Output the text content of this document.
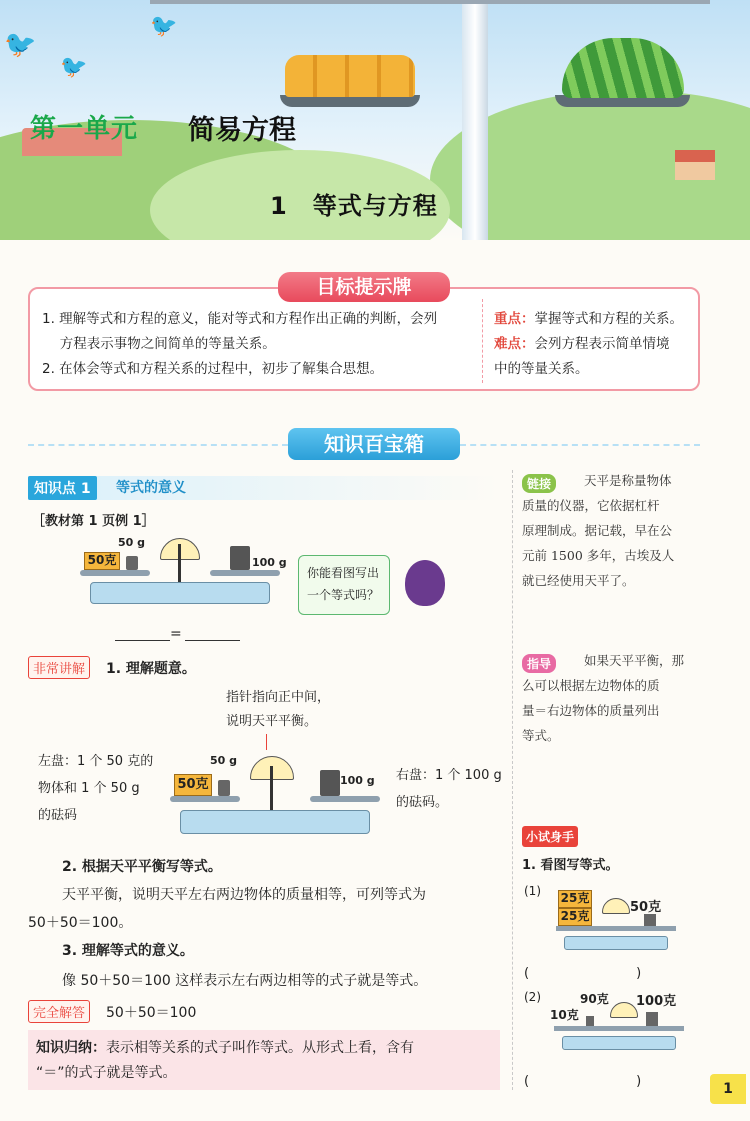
🐦
🐦
🐦
第一单元 简易方程
1　等式与方程
目标提示牌
1. 理解等式和方程的意义，能对等式和方程作出正确的判断，会列
　 方程表示事物之间简单的等量关系。
2. 在体会等式和方程关系的过程中，初步了解集合思想。
重点：掌握等式和方程的关系。
难点：会列方程表示简单情境
中的等量关系。
知识百宝箱
知识点 1	等式的意义
［教材第 1 页例 1］
50克
50 g
100 g
=
你能看图写出一个等式吗？
非常讲解	1. 理解题意。
指针指向正中间，
说明天平平衡。
左盘：1 个 50 克的
物体和 1 个 50 g
的砝码
右盘：1 个 100 g
的砝码。
50克
50 g
100 g
2. 根据天平平衡写等式。
天平平衡，说明天平左右两边物体的质量相等，可列等式为
50＋50＝100。
3. 理解等式的意义。
像 50＋50＝100 这样表示左右两边相等的式子就是等式。
完全解答	50＋50＝100
知识归纳：表示相等关系的式子叫作等式。从形式上看，含有
“＝”的式子就是等式。
链接	天平是称量物体
质量的仪器，它依据杠杆
原理制成。据记载，早在公
元前 1500 多年，古埃及人
就已经使用天平了。
指导	如果天平平衡，那
么可以根据左边物体的质
量＝右边物体的质量列出
等式。
小试身手
1. 看图写等式。
(1) 25克
25克
50克
(　　　　　　　)
(2)	90克 100克
10克
(　　　　　　　)	1
